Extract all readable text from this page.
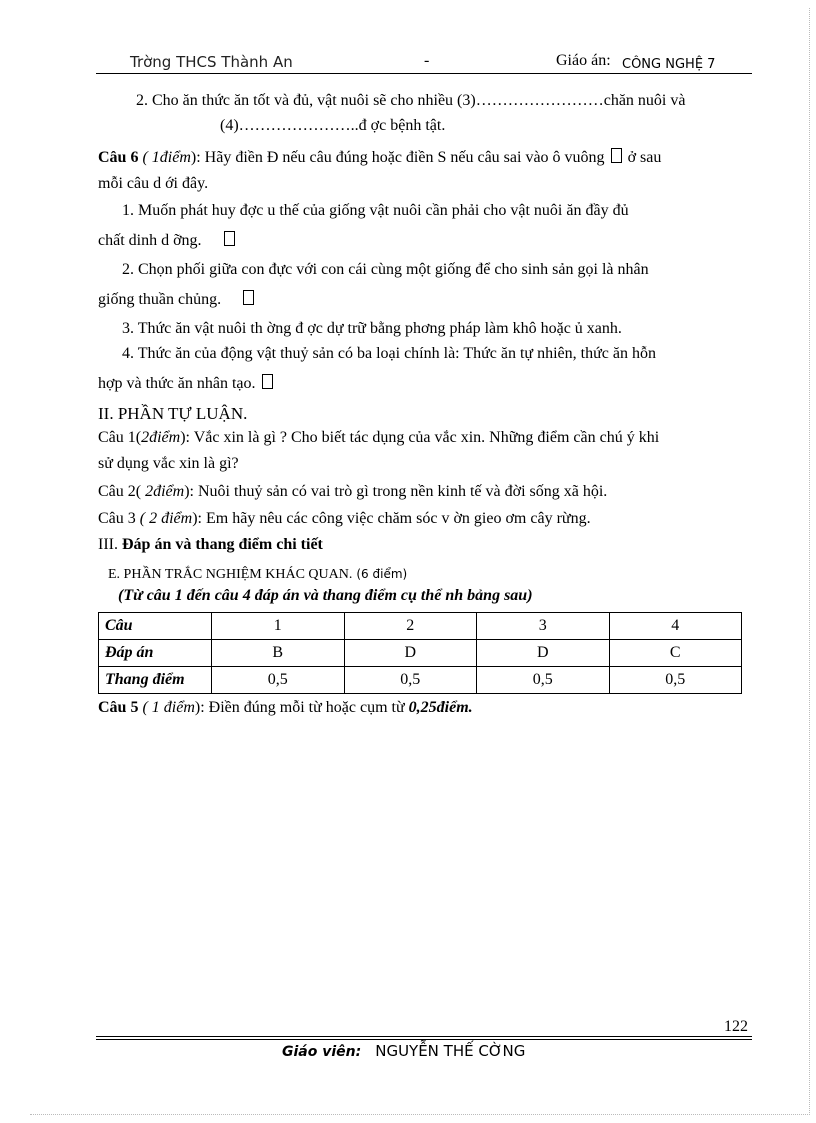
Trờng THCS Thành An	-	Giáo án: CÔNG NGHỆ 7
2. Cho ăn thức ăn tốt và đủ, vật nuôi sẽ cho nhiều (3)……………………chăn nuôi và
(4)…………………..đ ợc bệnh tật.
Câu 6 ( 1điểm): Hãy điền Đ nếu câu đúng hoặc điền S nếu câu sai vào ô vuông ở sau
mỗi câu d ới đây.
1. Muốn phát huy đợc u thế của giống vật nuôi cần phải cho vật nuôi ăn đầy đủ
chất dinh d ỡng.
2. Chọn phối giữa con đực với con cái cùng một giống để cho sinh sản gọi là nhân
giống thuần chủng.
3. Thức ăn vật nuôi th ờng đ ợc dự trữ bằng phơng pháp làm khô hoặc ủ xanh.
4. Thức ăn của động vật thuỷ sản có ba loại chính là: Thức ăn tự nhiên, thức ăn hỗn
hợp và thức ăn nhân tạo.
II. PHẦN TỰ LUẬN.
Câu 1(2điểm): Vắc xin là gì ? Cho biết tác dụng của vắc xin. Những điểm cần chú ý khi
sử dụng vắc xin là gì?
Câu 2( 2điểm): Nuôi thuỷ sản có vai trò gì trong nền kinh tế và đời sống xã hội.
Câu 3 ( 2 điểm): Em hãy nêu các công việc chăm sóc v ờn gieo ơm cây rừng.
III. Đáp án và thang điểm chi tiết
E. PHẦN TRẮC NGHIỆM KHÁC QUAN. (6 điểm)
(Từ câu 1 đến câu 4 đáp án và thang điểm cụ thể nh bảng sau)
Câu	1	2	3	4
Đáp án	B	D	D	C
Thang điểm	0,5	0,5	0,5	0,5
Câu 5 ( 1 điểm): Điền đúng mỗi từ hoặc cụm từ 0,25điểm.
122
Giáo viên: NGUYỄN THẾ CỜNG
